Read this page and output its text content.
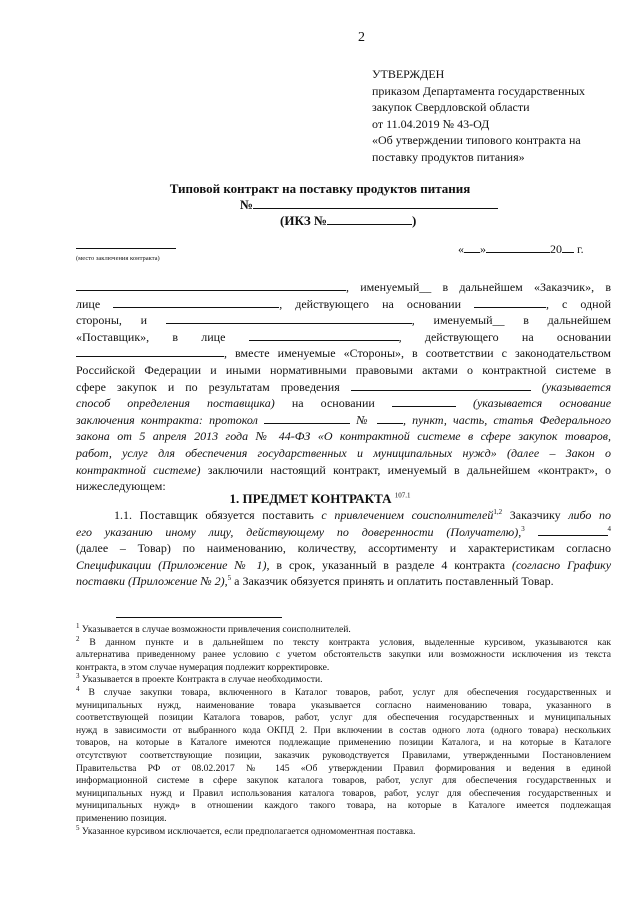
2
УТВЕРЖДЕН
приказом Департамента государственных
закупок Свердловской области
от 11.04.2019 № 43-ОД
«Об утверждении типового контракта на
поставку продуктов питания»
Типовой контракт на поставку продуктов питания
№
(ИКЗ №	)
(место заключения контракта)
« »	20 г.
, именуемый__ в дальнейшем «Заказчик», в
лице	, действующего на основании	, с одной
стороны, и	, именуемый__ в дальнейшем
«Поставщик», в лице	, действующего на основании
, вместе именуемые «Стороны», в соответствии с законодательством
Российской Федерации и иными нормативными правовыми актами о контрактной системе в
сфере закупок и по результатам проведения	(указывается
способ определения поставщика) на основании	(указывается основание
заключения контракта: протокол	№	, пункт, часть, статья Федерального
закона от 5 апреля 2013 года № 44-ФЗ «О контрактной системе в сфере закупок товаров,
работ, услуг для обеспечения государственных и муниципальных нужд» (далее – Закон о
контрактной системе) заключили настоящий контракт, именуемый в дальнейшем «контракт», о
нижеследующем:
1. ПРЕДМЕТ КОНТРАКТА $^{107.1}$
1.1. Поставщик обязуется поставить с привлечением соисполнителей$^{1,2}$ Заказчику либо по
его указанию иному лицу, действующему по доверенности (Получателю),$^3$	$^4$
(далее – Товар) по наименованию, количеству, ассортименту и характеристикам согласно
Спецификации (Приложение № 1), в срок, указанный в разделе 4 контракта (согласно Графику
поставки (Приложение № 2),$^5$ а Заказчик обязуется принять и оплатить поставленный Товар.
$^1$ Указывается в случае возможности привлечения соисполнителей.
$^2$ В данном пункте и в дальнейшем по тексту контракта условия, выделенные курсивом, указываются как
альтернатива приведенному ранее условию с учетом обстоятельств закупки или возможности исключения из текста
контракта, в этом случае нумерация подлежит корректировке.
$^3$ Указывается в проекте Контракта в случае необходимости.
$^4$ В случае закупки товара, включенного в Каталог товаров, работ, услуг для обеспечения государственных и
муниципальных нужд, наименование товара указывается согласно наименованию товара, указанного в
соответствующей позиции Каталога товаров, работ, услуг для обеспечения государственных и муниципальных
нужд в зависимости от выбранного кода ОКПД 2. При включении в состав одного лота (одного товара) нескольких
товаров, на которые в Каталоге имеются подлежащие применению позиции Каталога, и на которые в Каталоге
отсутствуют соответствующие позиции, заказчик руководствуется Правилами, утвержденными Постановлением
Правительства РФ от 08.02.2017 № 145 «Об утверждении Правил формирования и ведения в единой
информационной системе в сфере закупок каталога товаров, работ, услуг для обеспечения государственных и
муниципальных нужд и Правил использования каталога товаров, работ, услуг для обеспечения государственных и
муниципальных нужд» в отношении каждого такого товара, на которые в Каталоге имеется подлежащая
применению позиция.
$^5$ Указанное курсивом исключается, если предполагается одномоментная поставка.
